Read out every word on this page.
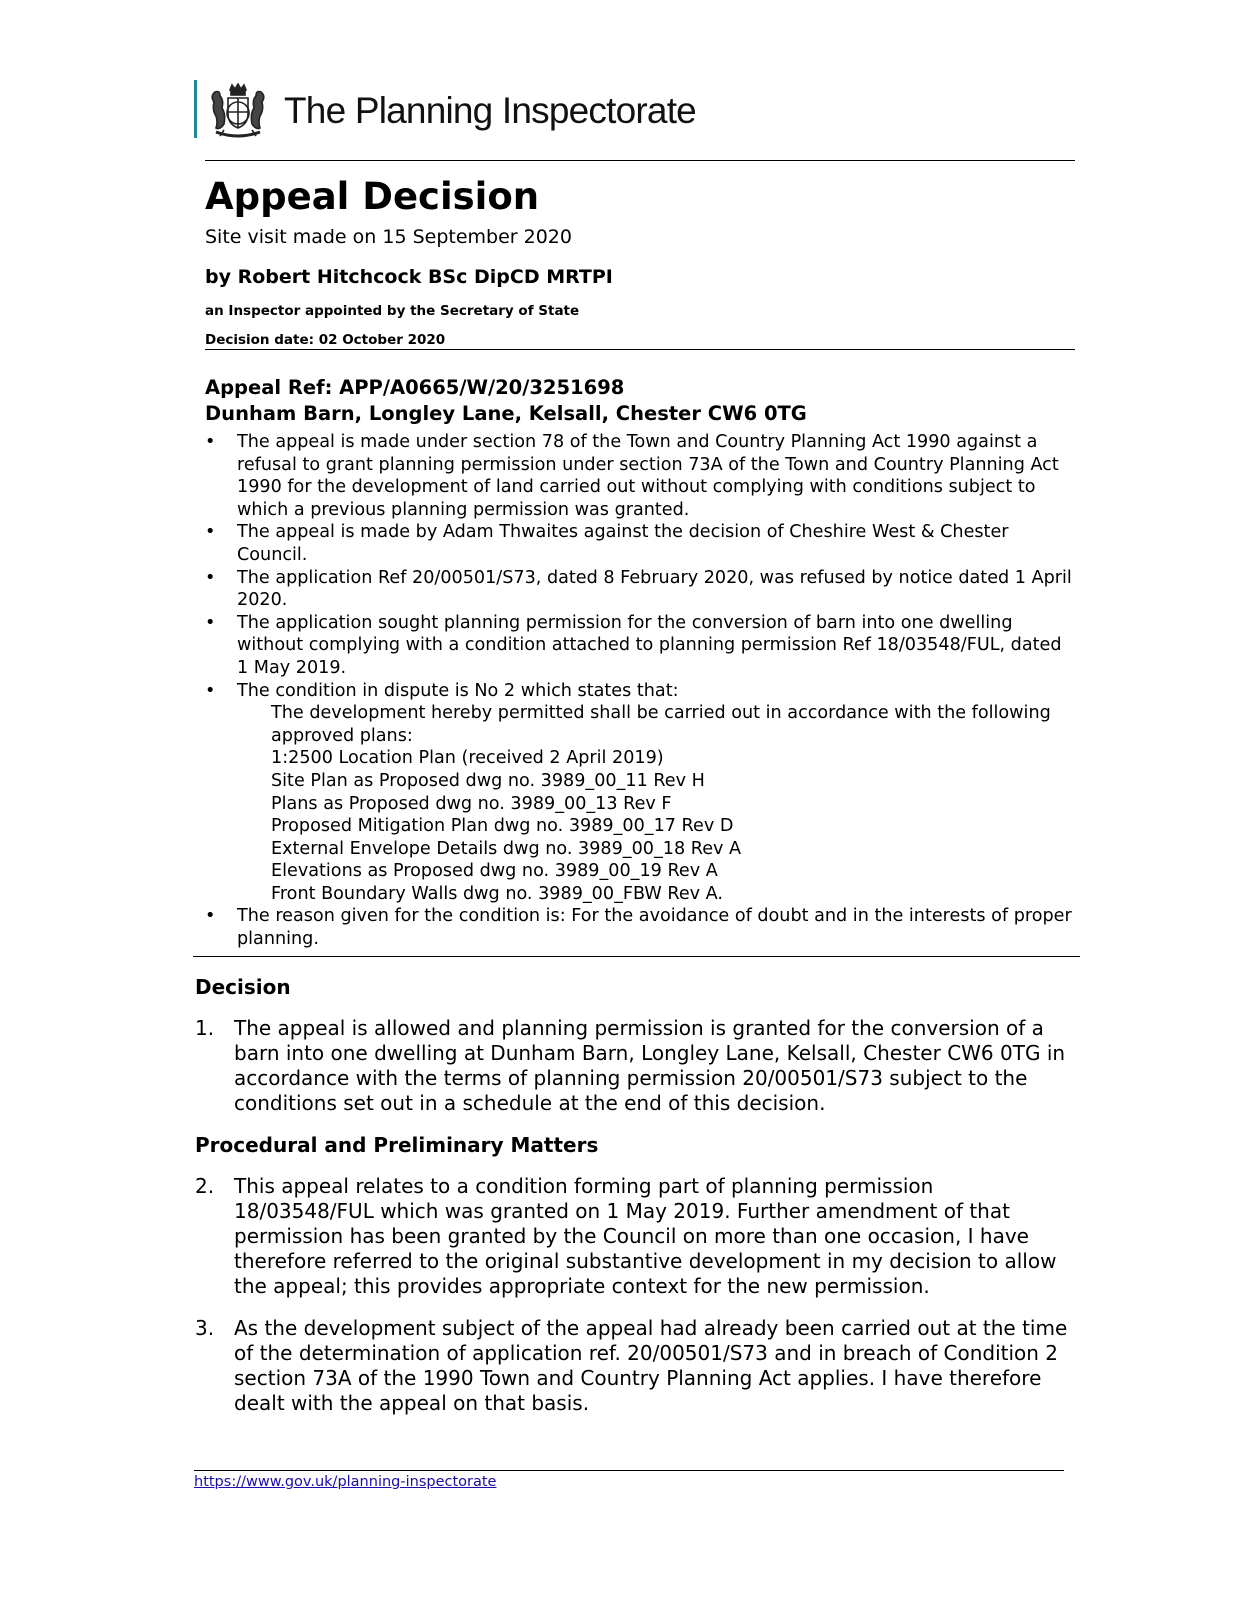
The Planning Inspectorate
Appeal Decision
Site visit made on 15 September 2020
by Robert Hitchcock BSc DipCD MRTPI
an Inspector appointed by the Secretary of State
Decision date: 02 October 2020
Appeal Ref: APP/A0665/W/20/3251698
Dunham Barn, Longley Lane, Kelsall, Chester CW6 0TG
• The appeal is made under section 78 of the Town and Country Planning Act 1990 against a refusal to grant planning permission under section 73A of the Town and Country Planning Act 1990 for the development of land carried out without complying with conditions subject to which a previous planning permission was granted.
• The appeal is made by Adam Thwaites against the decision of Cheshire West & Chester Council.
• The application Ref 20/00501/S73, dated 8 February 2020, was refused by notice dated 1 April 2020.
• The application sought planning permission for the conversion of barn into one dwelling without complying with a condition attached to planning permission Ref 18/03548/FUL, dated 1 May 2019.
• The condition in dispute is No 2 which states that:
The development hereby permitted shall be carried out in accordance with the following approved plans:
1:2500 Location Plan (received 2 April 2019)
Site Plan as Proposed dwg no. 3989_00_11 Rev H
Plans as Proposed dwg no. 3989_00_13 Rev F
Proposed Mitigation Plan dwg no. 3989_00_17 Rev D
External Envelope Details dwg no. 3989_00_18 Rev A
Elevations as Proposed dwg no. 3989_00_19 Rev A
Front Boundary Walls dwg no. 3989_00_FBW Rev A.
• The reason given for the condition is: For the avoidance of doubt and in the interests of proper planning.
Decision
1. The appeal is allowed and planning permission is granted for the conversion of a barn into one dwelling at Dunham Barn, Longley Lane, Kelsall, Chester CW6 0TG in accordance with the terms of planning permission 20/00501/S73 subject to the conditions set out in a schedule at the end of this decision.
Procedural and Preliminary Matters
2. This appeal relates to a condition forming part of planning permission 18/03548/FUL which was granted on 1 May 2019. Further amendment of that permission has been granted by the Council on more than one occasion, I have therefore referred to the original substantive development in my decision to allow the appeal; this provides appropriate context for the new permission.
3. As the development subject of the appeal had already been carried out at the time of the determination of application ref. 20/00501/S73 and in breach of Condition 2 section 73A of the 1990 Town and Country Planning Act applies. I have therefore dealt with the appeal on that basis.
https://www.gov.uk/planning-inspectorate
